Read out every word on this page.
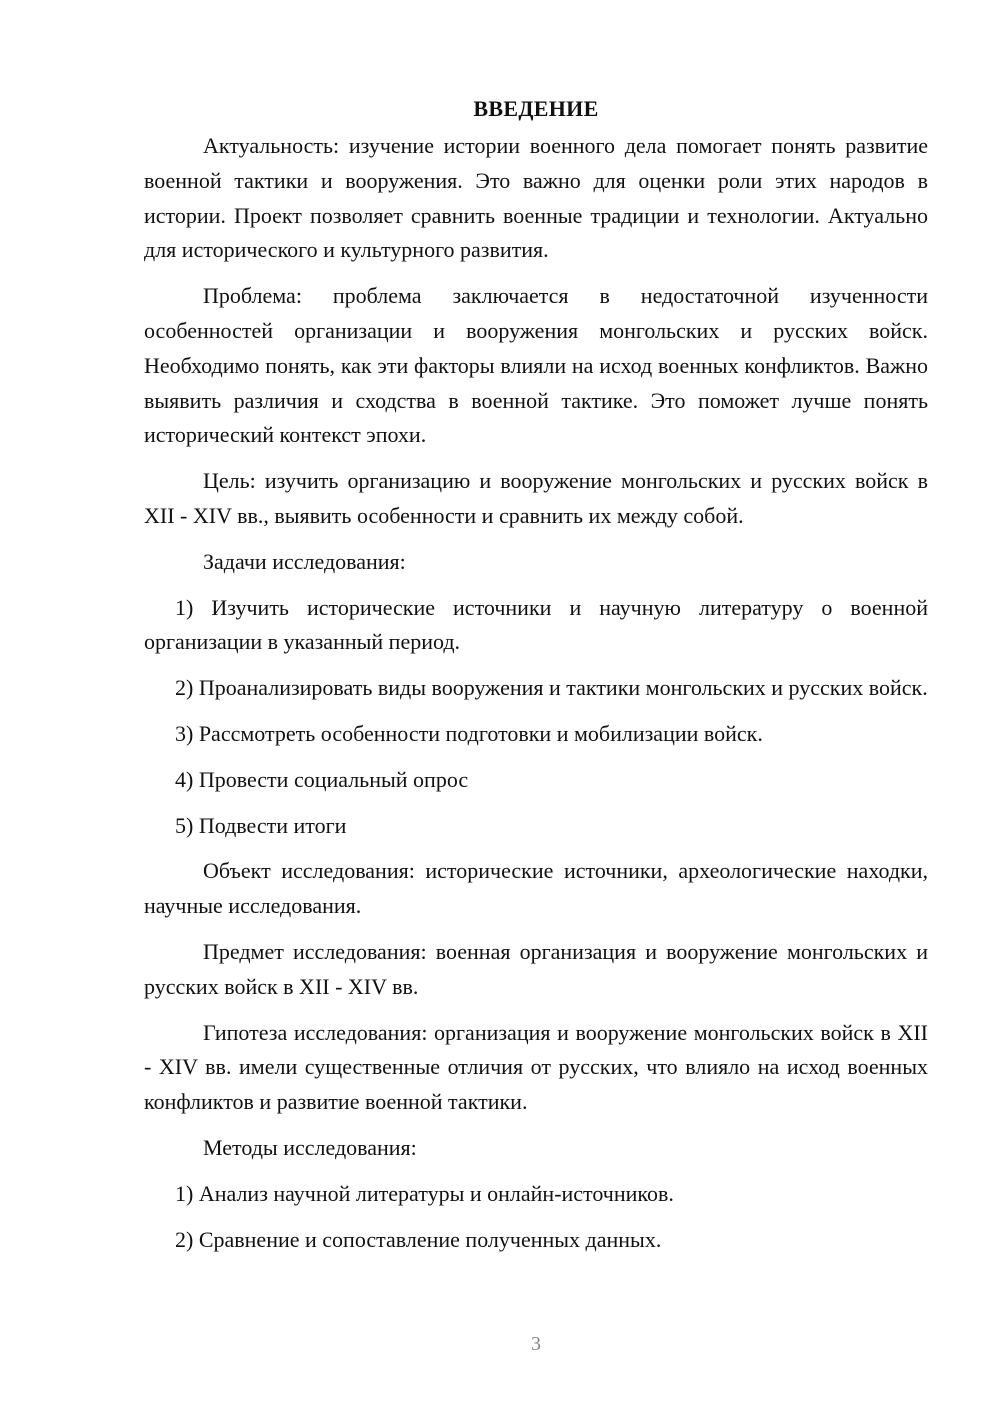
ВВЕДЕНИЕ

Актуальность: изучение истории военного дела помогает понять развитие военной тактики и вооружения. Это важно для оценки роли этих народов в истории. Проект позволяет сравнить военные традиции и технологии. Актуально для исторического и культурного развития.

Проблема: проблема заключается в недостаточной изученности особенностей организации и вооружения монгольских и русских войск. Необходимо понять, как эти факторы влияли на исход военных конфликтов. Важно выявить различия и сходства в военной тактике. Это поможет лучше понять исторический контекст эпохи.

Цель: изучить организацию и вооружение монгольских и русских войск в XII - XIV вв., выявить особенности и сравнить их между собой.

Задачи исследования:

1) Изучить исторические источники и научную литературу о военной организации в указанный период.

2) Проанализировать виды вооружения и тактики монгольских и русских войск.

3) Рассмотреть особенности подготовки и мобилизации войск.

4) Провести социальный опрос

5) Подвести итоги

Объект исследования: исторические источники, археологические находки, научные исследования.

Предмет исследования: военная организация и вооружение монгольских и русских войск в XII - XIV вв.

Гипотеза исследования: организация и вооружение монгольских войск в XII - XIV вв. имели существенные отличия от русских, что влияло на исход военных конфликтов и развитие военной тактики.

Методы исследования:

1) Анализ научной литературы и онлайн-источников.

2) Сравнение и сопоставление полученных данных.

3
